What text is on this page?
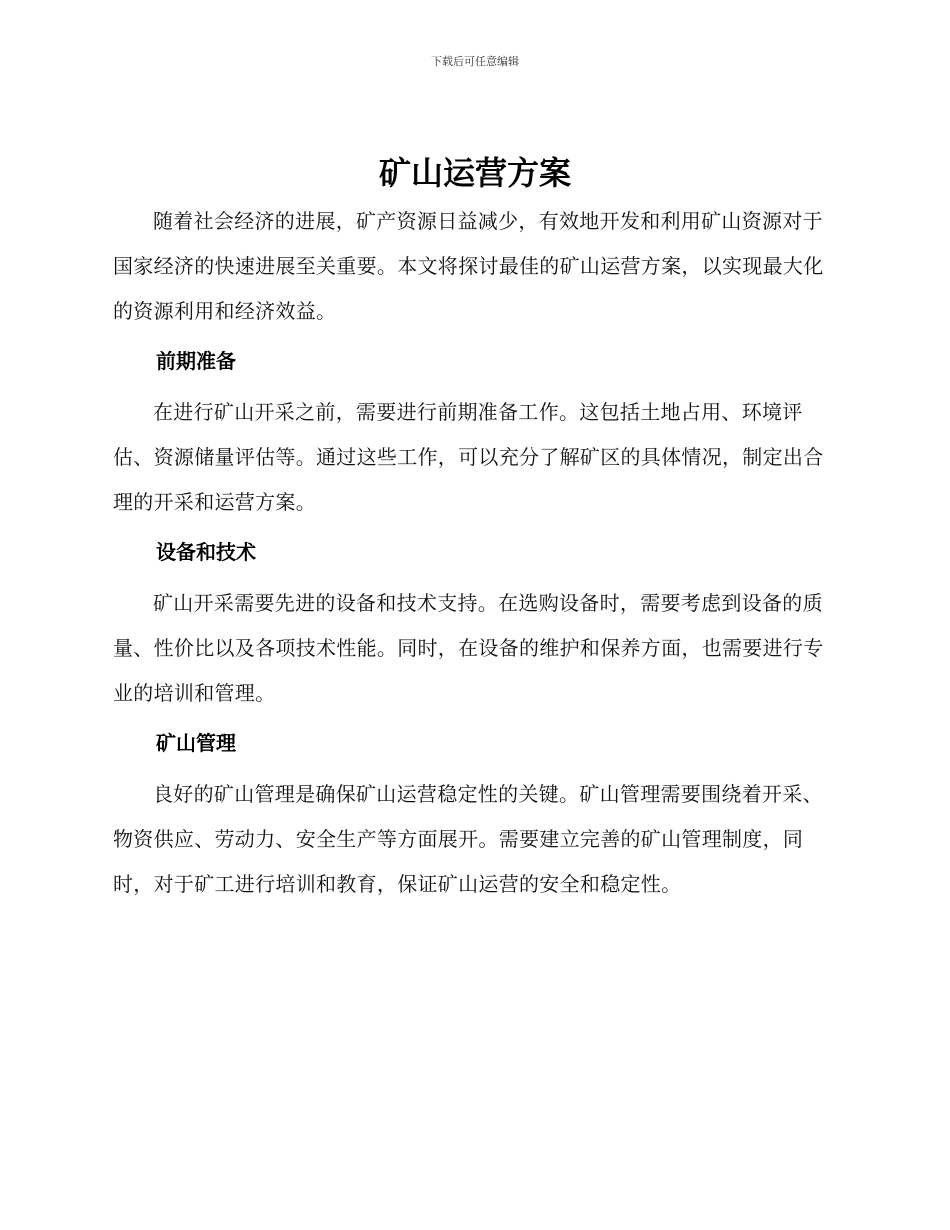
下载后可任意编辑
矿山运营方案

随着社会经济的进展，矿产资源日益减少，有效地开发和利用矿山资源对于国家经济的快速进展至关重要。本文将探讨最佳的矿山运营方案，以实现最大化的资源利用和经济效益。

前期准备

在进行矿山开采之前，需要进行前期准备工作。这包括土地占用、环境评估、资源储量评估等。通过这些工作，可以充分了解矿区的具体情况，制定出合理的开采和运营方案。

设备和技术

矿山开采需要先进的设备和技术支持。在选购设备时，需要考虑到设备的质量、性价比以及各项技术性能。同时，在设备的维护和保养方面，也需要进行专业的培训和管理。

矿山管理

良好的矿山管理是确保矿山运营稳定性的关键。矿山管理需要围绕着开采、物资供应、劳动力、安全生产等方面展开。需要建立完善的矿山管理制度，同时，对于矿工进行培训和教育，保证矿山运营的安全和稳定性。
